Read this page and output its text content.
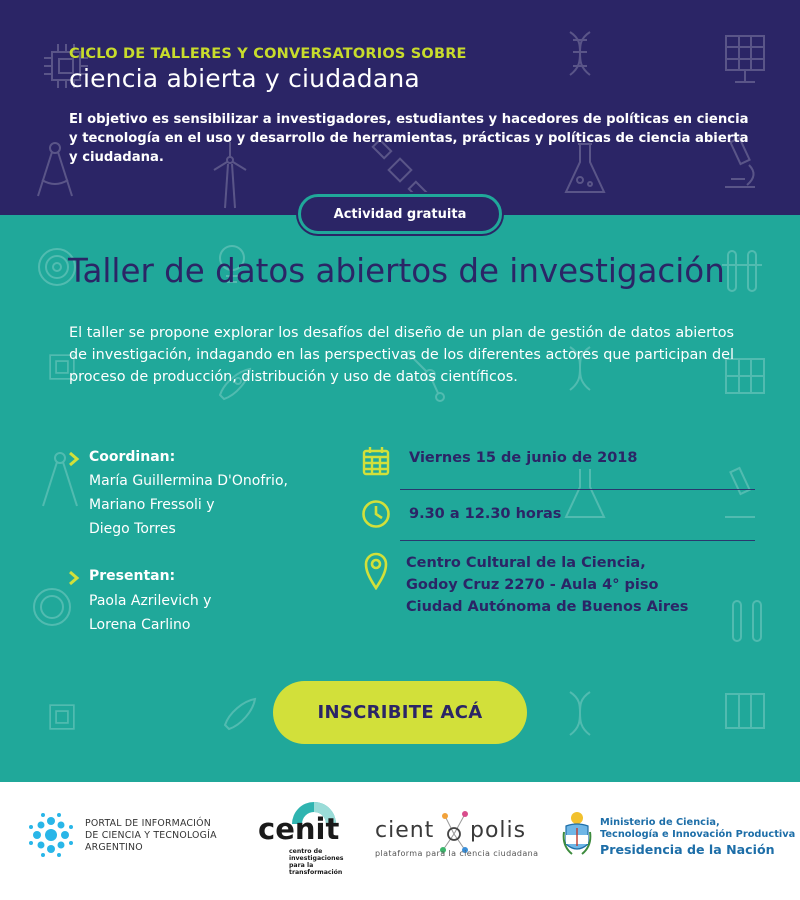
CICLO DE TALLERES Y CONVERSATORIOS SOBRE
ciencia abierta y ciudadana
El objetivo es sensibilizar a investigadores, estudiantes y hacedores de políticas en ciencia y tecnología en el uso y desarrollo de herramientas, prácticas y políticas de ciencia abierta y ciudadana.
Actividad gratuita
Taller de datos abiertos de investigación
El taller se propone explorar los desafíos del diseño de un plan de gestión de datos abiertos de investigación, indagando en las perspectivas de los diferentes actores que participan del proceso de producción, distribución y uso de datos científicos.
Coordinan:
María Guillermina D'Onofrio,
Mariano Fressoli y
Diego Torres
Presentan:
Paola Azrilevich y
Lorena Carlino
Viernes 15 de junio de 2018
9.30 a 12.30 horas
Centro Cultural de la Ciencia,
Godoy Cruz 2270 - Aula 4° piso
Ciudad Autónoma de Buenos Aires
INSCRIBITE ACÁ
PORTAL DE INFORMACIÓN
DE CIENCIA Y TECNOLOGÍA
ARGENTINO
cenit
centro de
investigaciones
para la
transformación
cient polis
plataforma para la ciencia ciudadana
Ministerio de Ciencia,
Tecnología e Innovación Productiva
Presidencia de la Nación
